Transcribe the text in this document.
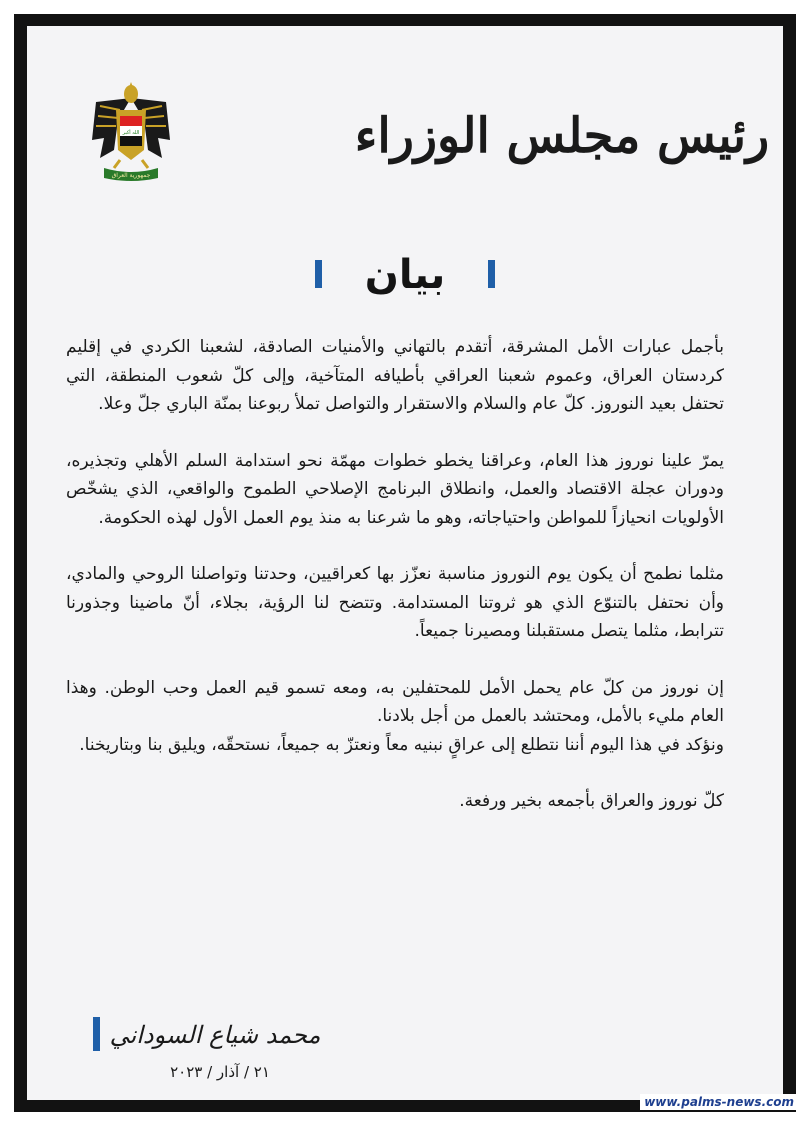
الله أكبر
جمهورية العراق
رئيس مجلس الوزراء
بيان

بأجمل عبارات الأمل المشرقة، أتقدم بالتهاني والأمنيات الصادقة، لشعبنا الكردي في إقليم كردستان العراق، وعموم شعبنا العراقي بأطيافه المتآخية، وإلى كلّ شعوب المنطقة، التي تحتفل بعيد النوروز. كلّ عام والسلام والاستقرار والتواصل تملأ ربوعنا بمنّة الباري جلّ وعلا.

يمرّ علينا نوروز هذا العام، وعراقنا يخطو خطوات مهمّة نحو استدامة السلم الأهلي وتجذيره، ودوران عجلة الاقتصاد والعمل، وانطلاق البرنامج الإصلاحي الطموح والواقعي، الذي يشخّص الأولويات انحيازاً للمواطن واحتياجاته، وهو ما شرعنا به منذ يوم العمل الأول لهذه الحكومة.

مثلما نطمح أن يكون يوم النوروز مناسبة نعزّز بها كعراقيين، وحدتنا وتواصلنا الروحي والمادي، وأن نحتفل بالتنوّع الذي هو ثروتنا المستدامة. وتتضح لنا الرؤية، بجلاء، أنّ ماضينا وجذورنا تترابط، مثلما يتصل مستقبلنا ومصيرنا جميعاً.

إن نوروز من كلّ عام يحمل الأمل للمحتفلين به، ومعه تسمو قيم العمل وحب الوطن. وهذا العام مليء بالأمل، ومحتشد بالعمل من أجل بلادنا.

ونؤكد في هذا اليوم أننا نتطلع إلى عراقٍ نبنيه معاً ونعتزّ به جميعاً، نستحقّه، ويليق بنا وبتاريخنا.

كلّ نوروز والعراق بأجمعه بخير ورفعة.

محمد شياع السوداني
٢١ / آذار / ٢٠٢٣
www.palms-news.com
